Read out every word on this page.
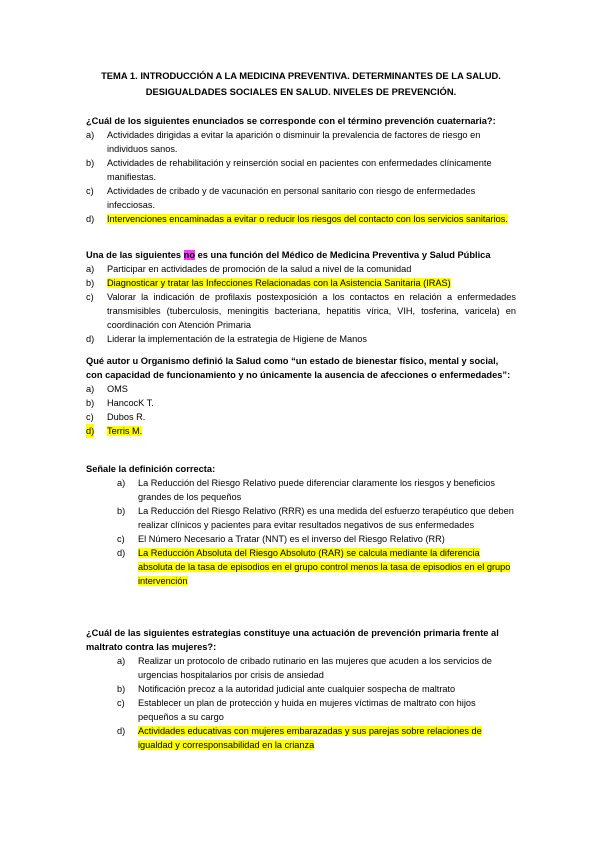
TEMA 1. INTRODUCCIÓN A LA MEDICINA PREVENTIVA. DETERMINANTES DE LA SALUD.
DESIGUALDADES SOCIALES EN SALUD. NIVELES DE PREVENCIÓN.
¿Cuál de los siguientes enunciados se corresponde con el término prevención cuaternaria?:
a) Actividades dirigidas a evitar la aparición o disminuir la prevalencia de factores de riesgo en individuos sanos.
b) Actividades de rehabilitación y reinserción social en pacientes con enfermedades clínicamente manifiestas.
c) Actividades de cribado y de vacunación en personal sanitario con riesgo de enfermedades infecciosas.
d) Intervenciones encaminadas a evitar o reducir los riesgos del contacto con los servicios sanitarios.
Una de las siguientes no es una función del Médico de Medicina Preventiva y Salud Pública
a) Participar en actividades de promoción de la salud a nivel de la comunidad
b) Diagnosticar y tratar las Infecciones Relacionadas con la Asistencia Sanitaria (IRAS)
c) Valorar la indicación de profilaxis postexposición a los contactos en relación a enfermedades transmisibles (tuberculosis, meningitis bacteriana, hepatitis vírica, VIH, tosferina, varicela) en coordinación con Atención Primaria
d) Liderar la implementación de la estrategia de Higiene de Manos
Qué autor u Organismo definió la Salud como “un estado de bienestar físico, mental y social, con capacidad de funcionamiento y no únicamente la ausencia de afecciones o enfermedades”:
a) OMS
b) HancocK T.
c) Dubos R.
d) Terris M.
Señale la definición correcta:
a) La Reducción del Riesgo Relativo puede diferenciar claramente los riesgos y beneficios grandes de los pequeños
b) La Reducción del Riesgo Relativo (RRR) es una medida del esfuerzo terapéutico que deben realizar clínicos y pacientes para evitar resultados negativos de sus enfermedades
c) El Número Necesario a Tratar (NNT) es el inverso del Riesgo Relativo (RR)
d) La Reducción Absoluta del Riesgo Absoluto (RAR) se calcula mediante la diferencia absoluta de la tasa de episodios en el grupo control menos la tasa de episodios en el grupo intervención
¿Cuál de las siguientes estrategias constituye una actuación de prevención primaria frente al maltrato contra las mujeres?:
a) Realizar un protocolo de cribado rutinario en las mujeres que acuden a los servicios de urgencias hospitalarios por crisis de ansiedad
b) Notificación precoz a la autoridad judicial ante cualquier sospecha de maltrato
c) Establecer un plan de protección y huida en mujeres víctimas de maltrato con hijos pequeños a su cargo
d) Actividades educativas con mujeres embarazadas y sus parejas sobre relaciones de igualdad y corresponsabilidad en la crianza
